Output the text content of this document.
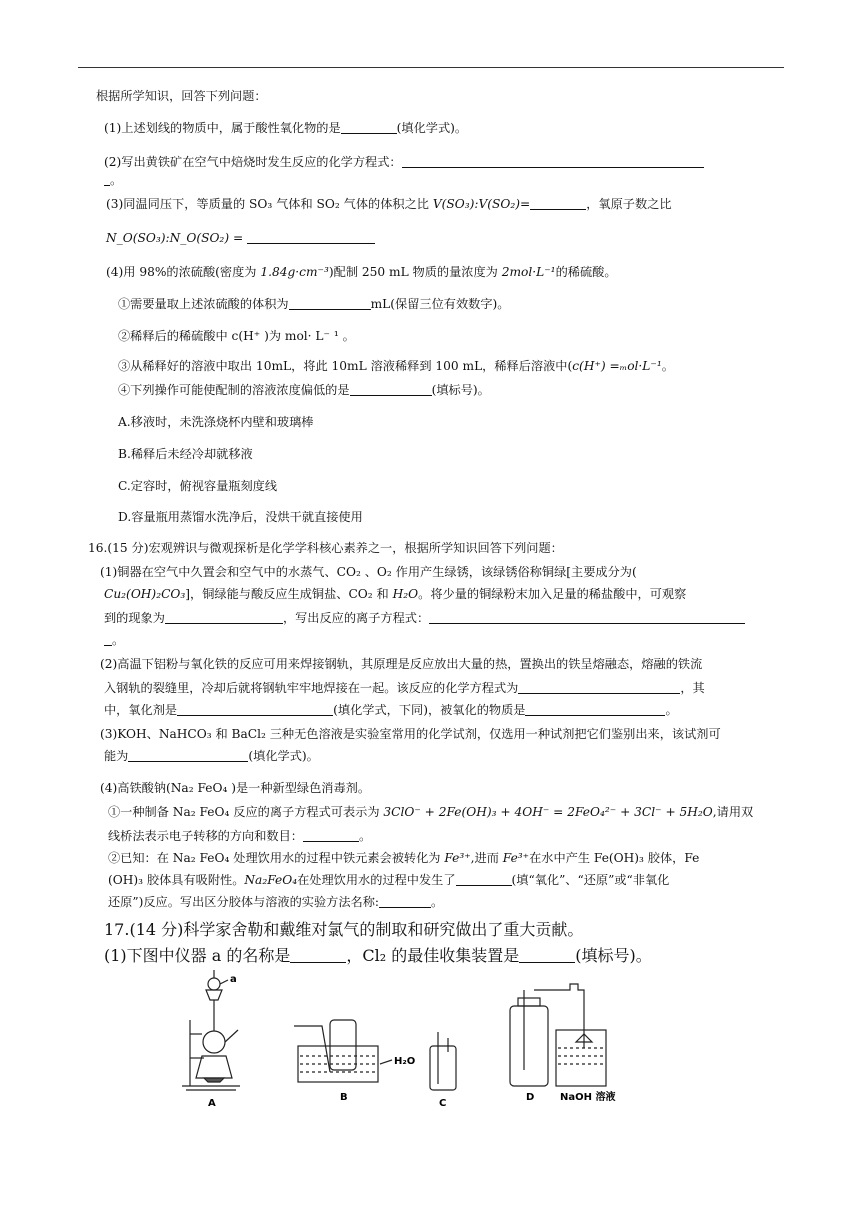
根据所学知识，回答下列问题：
(1)上述划线的物质中，属于酸性氧化物的是	(填化学式)。
(2)写出黄铁矿在空气中焙烧时发生反应的化学方程式：
。
(3)同温同压下，等质量的 SO₃ 气体和 SO₂ 气体的体积之比 V(SO₃):V(SO₂)=	，氧原子数之比
N_O(SO₃):N_O(SO₂) =
(4)用 98%的浓硫酸(密度为 1.84g·cm⁻³)配制 250 mL 物质的量浓度为 2mol·L⁻¹的稀硫酸。
①需要量取上述浓硫酸的体积为	mL(保留三位有效数字)。
②稀释后的稀硫酸中 c(H⁺ )为 mol· L⁻ ¹ 。
③从稀释好的溶液中取出 10mL，将此 10mL 溶液稀释到 100 mL，稀释后溶液中(c(H⁺) =ₘol·L⁻¹。
④下列操作可能使配制的溶液浓度偏低的是	(填标号)。
A.移液时，未洗涤烧杯内壁和玻璃棒
B.稀释后未经冷却就移液
C.定容时，俯视容量瓶刻度线
D.容量瓶用蒸馏水洗净后，没烘干就直接使用
16.(15 分)宏观辨识与微观探析是化学学科核心素养之一，根据所学知识回答下列问题：
(1)铜器在空气中久置会和空气中的水蒸气、CO₂ 、O₂ 作用产生绿锈，该绿锈俗称铜绿[主要成分为(
Cu₂(OH)₂CO₃]，铜绿能与酸反应生成铜盐、CO₂ 和 H₂O。将少量的铜绿粉末加入足量的稀盐酸中，可观察
到的现象为	，写出反应的离子方程式：
。
(2)高温下铝粉与氧化铁的反应可用来焊接钢轨，其原理是反应放出大量的热，置换出的铁呈熔融态，熔融的铁流
入钢轨的裂缝里，冷却后就将钢轨牢牢地焊接在一起。该反应的化学方程式为	，其
中，氧化剂是	(填化学式，下同)，被氧化的物质是	。
(3)KOH、NaHCO₃ 和 BaCl₂ 三种无色溶液是实验室常用的化学试剂，仅选用一种试剂把它们鉴别出来，该试剂可
能为	(填化学式)。
(4)高铁酸钠(Na₂ FeO₄ )是一种新型绿色消毒剂。
①一种制备 Na₂ FeO₄ 反应的离子方程式可表示为 3ClO⁻ + 2Fe(OH)₃ + 4OH⁻ = 2FeO₄²⁻ + 3Cl⁻ + 5H₂O,请用双
线桥法表示电子转移的方向和数目：	。
②已知：在 Na₂ FeO₄ 处理饮用水的过程中铁元素会被转化为 Fe³⁺,进而 Fe³⁺在水中产生 Fe(OH)₃ 胶体，Fe
(OH)₃ 胶体具有吸附性。Na₂FeO₄在处理饮用水的过程中发生了	(填“氧化”、“还原”或“非氧化
还原”)反应。写出区分胶体与溶液的实验方法名称:	。
17.(14 分)科学家舍勒和戴维对氯气的制取和研究做出了重大贡献。
(1)下图中仪器 a 的名称是	，Cl₂ 的最佳收集装置是	(填标号)。
a
H₂O
NaOH 溶液
A
B
C
D
